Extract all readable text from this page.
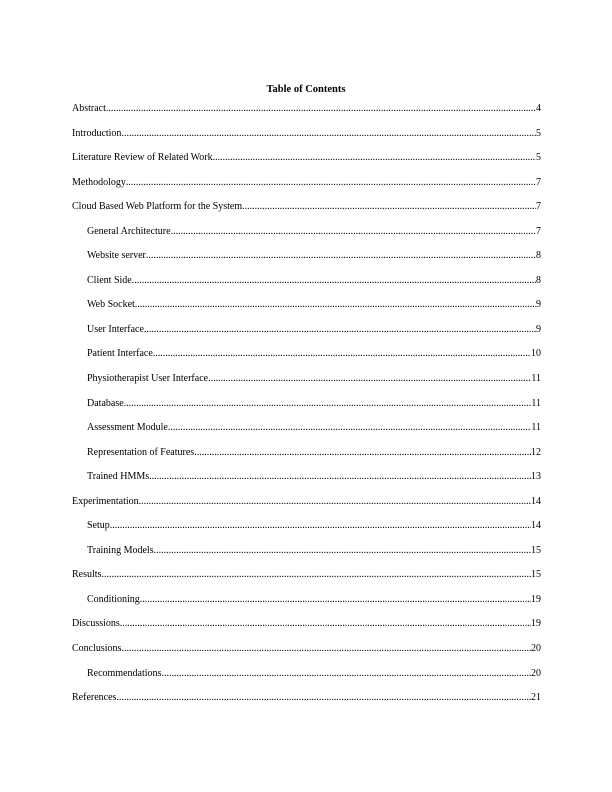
Table of Contents
Abstract .....	4
Introduction .....	5
Literature Review of Related Work .....	5
Methodology .....	7
Cloud Based Web Platform for the System .....	7
General Architecture .....	7
Website server .....	8
Client Side .....	8
Web Socket .....	9
User Interface .....	9
Patient Interface .....	10
Physiotherapist User Interface .....	11
Database .....	11
Assessment Module .....	11
Representation of Features .....	12
Trained HMMs .....	13
Experimentation .....	14
Setup .....	14
Training Models .....	15
Results .....	15
Conditioning .....	19
Discussions .....	19
Conclusions .....	20
Recommendations .....	20
References .....	21
